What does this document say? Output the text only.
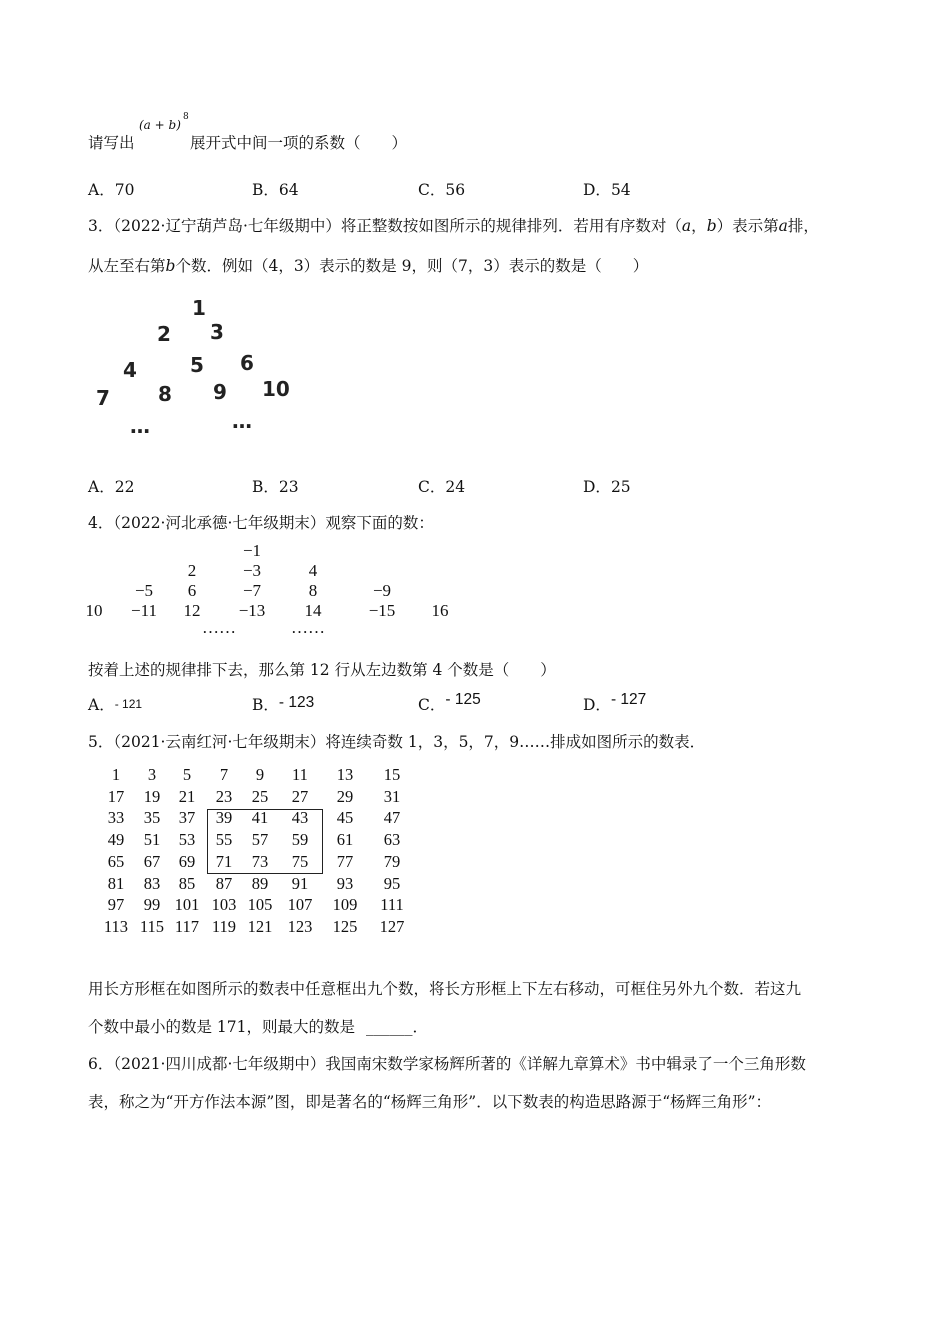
请写出
(a + b)
8
展开式中间一项的系数（　　）
A．70	B．64	C．56	D．54
3．（2022·辽宁葫芦岛·七年级期中）将正整数按如图所示的规律排列．若用有序数对（a，b）表示第a排，
从左至右第b个数．例如（4，3）表示的数是 9，则（7，3）表示的数是（　　）
1
2 3
4	5 6
7 8 9 10
…	…
A．22	B．23	C．24	D．25
4．（2022·河北承德·七年级期末）观察下面的数：
−1
2	−3	4
−5	6	−7	8	−9
10	−11	12	−13	14	−15	16
……	……
按着上述的规律排下去，那么第 12 行从左边数第 4 个数是（　　）
A．- 121	B．- 123	C．- 125	D．- 127
5．（2021·云南红河·七年级期末）将连续奇数 1，3，5，7，9……排成如图所示的数表．
1	3	5	7	9	11	13	15
17	19	21	23	25	27	29	31
33	35	37	39	41	43	45	47
49	51	53	55	57	59	61	63
65	67	69	71	73	75	77	79
81	83	85	87	89	91	93	95
97	99 101 103 105 107	109	111
113 115 117 119 121 123	125	127
用长方形框在如图所示的数表中任意框出九个数，将长方形框上下左右移动，可框住另外九个数．若这九
个数中最小的数是 171，则最大的数是 ______．
6．（2021·四川成都·七年级期中）我国南宋数学家杨辉所著的《详解九章算术》书中辑录了一个三角形数
表，称之为“开方作法本源”图，即是著名的“杨辉三角形”．以下数表的构造思路源于“杨辉三角形”：
